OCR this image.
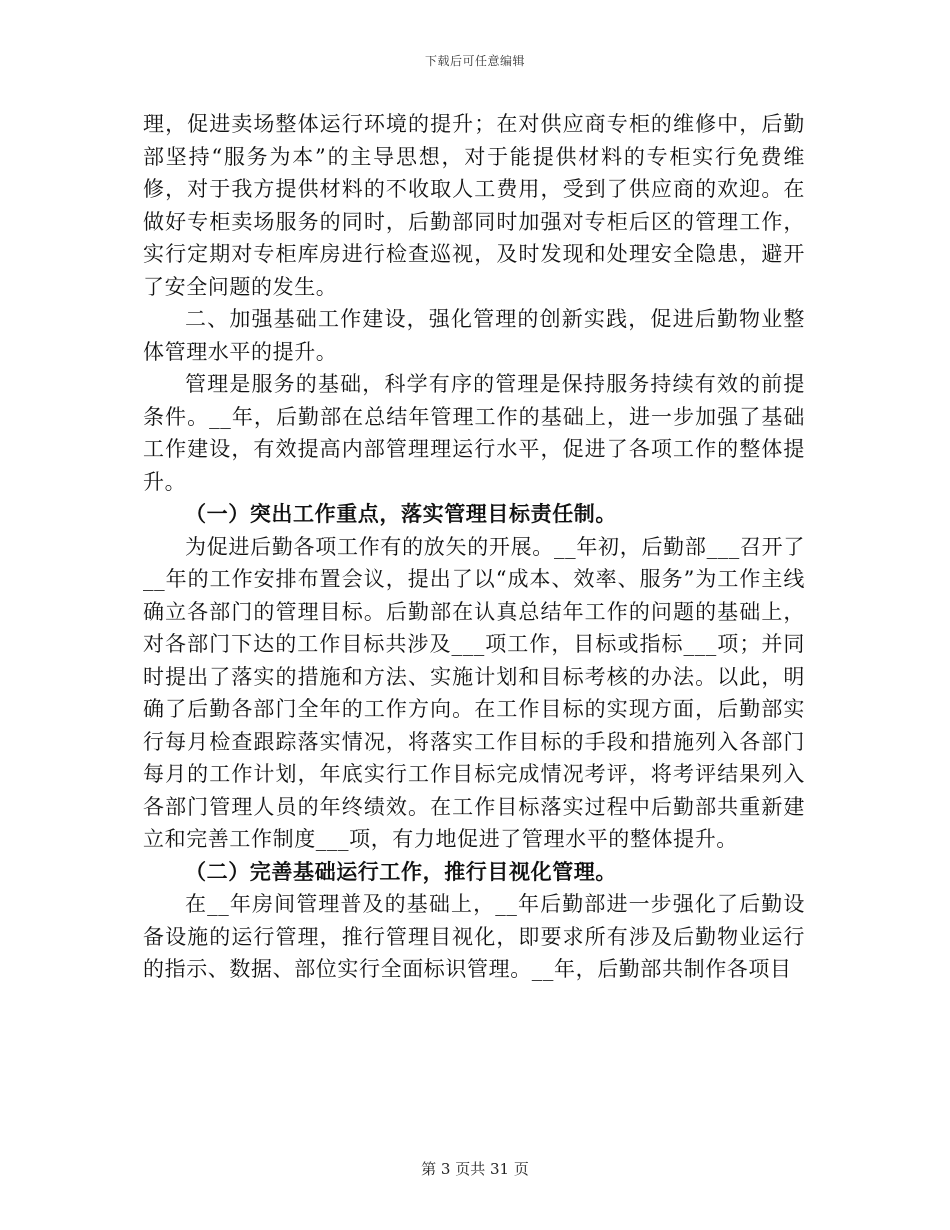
下载后可任意编辑

理，促进卖场整体运行环境的提升；在对供应商专柜的维修中，后勤部坚持“服务为本”的主导思想，对于能提供材料的专柜实行免费维修，对于我方提供材料的不收取人工费用，受到了供应商的欢迎。在做好专柜卖场服务的同时，后勤部同时加强对专柜后区的管理工作，实行定期对专柜库房进行检查巡视，及时发现和处理安全隐患，避开了安全问题的发生。

二、加强基础工作建设，强化管理的创新实践，促进后勤物业整体管理水平的提升。

管理是服务的基础，科学有序的管理是保持服务持续有效的前提条件。__年，后勤部在总结年管理工作的基础上，进一步加强了基础工作建设，有效提高内部管理理运行水平，促进了各项工作的整体提升。

（一）突出工作重点，落实管理目标责任制。

为促进后勤各项工作有的放矢的开展。__年初，后勤部___召开了__年的工作安排布置会议，提出了以“成本、效率、服务”为工作主线确立各部门的管理目标。后勤部在认真总结年工作的问题的基础上，对各部门下达的工作目标共涉及___项工作，目标或指标___项；并同时提出了落实的措施和方法、实施计划和目标考核的办法。以此，明确了后勤各部门全年的工作方向。在工作目标的实现方面，后勤部实行每月检查跟踪落实情况，将落实工作目标的手段和措施列入各部门每月的工作计划，年底实行工作目标完成情况考评，将考评结果列入各部门管理人员的年终绩效。在工作目标落实过程中后勤部共重新建立和完善工作制度___项，有力地促进了管理水平的整体提升。

（二）完善基础运行工作，推行目视化管理。

在__年房间管理普及的基础上，__年后勤部进一步强化了后勤设备设施的运行管理，推行管理目视化，即要求所有涉及后勤物业运行的指示、数据、部位实行全面标识管理。__年，后勤部共制作各项目

第 3 页共 31 页
